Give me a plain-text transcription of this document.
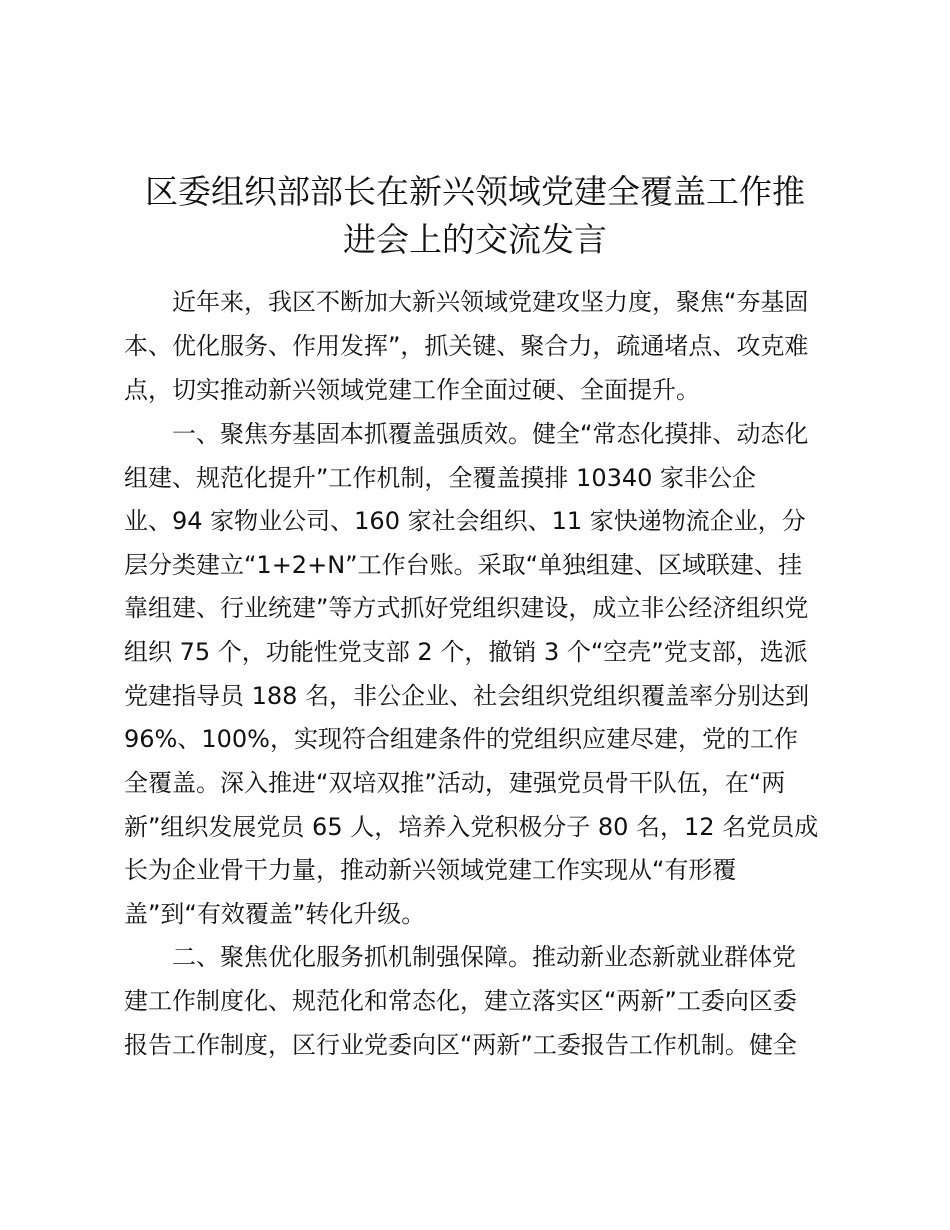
区委组织部部长在新兴领域党建全覆盖工作推
进会上的交流发言

近年来，我区不断加大新兴领域党建攻坚力度，聚焦“夯基固

本、优化服务、作用发挥”，抓关键、聚合力，疏通堵点、攻克难

点，切实推动新兴领域党建工作全面过硬、全面提升。

一、聚焦夯基固本抓覆盖强质效。健全“常态化摸排、动态化

组建、规范化提升”工作机制，全覆盖摸排 10340 家非公企

业、94 家物业公司、160 家社会组织、11 家快递物流企业，分

层分类建立“1+2+N”工作台账。采取“单独组建、区域联建、挂

靠组建、行业统建”等方式抓好党组织建设，成立非公经济组织党

组织 75 个，功能性党支部 2 个，撤销 3 个“空壳”党支部，选派

党建指导员 188 名，非公企业、社会组织党组织覆盖率分别达到

96%、100%，实现符合组建条件的党组织应建尽建，党的工作

全覆盖。深入推进“双培双推”活动，建强党员骨干队伍，在“两

新”组织发展党员 65 人，培养入党积极分子 80 名，12 名党员成

长为企业骨干力量，推动新兴领域党建工作实现从“有形覆

盖”到“有效覆盖”转化升级。

二、聚焦优化服务抓机制强保障。推动新业态新就业群体党

建工作制度化、规范化和常态化，建立落实区“两新”工委向区委

报告工作制度，区行业党委向区“两新”工委报告工作机制。健全
